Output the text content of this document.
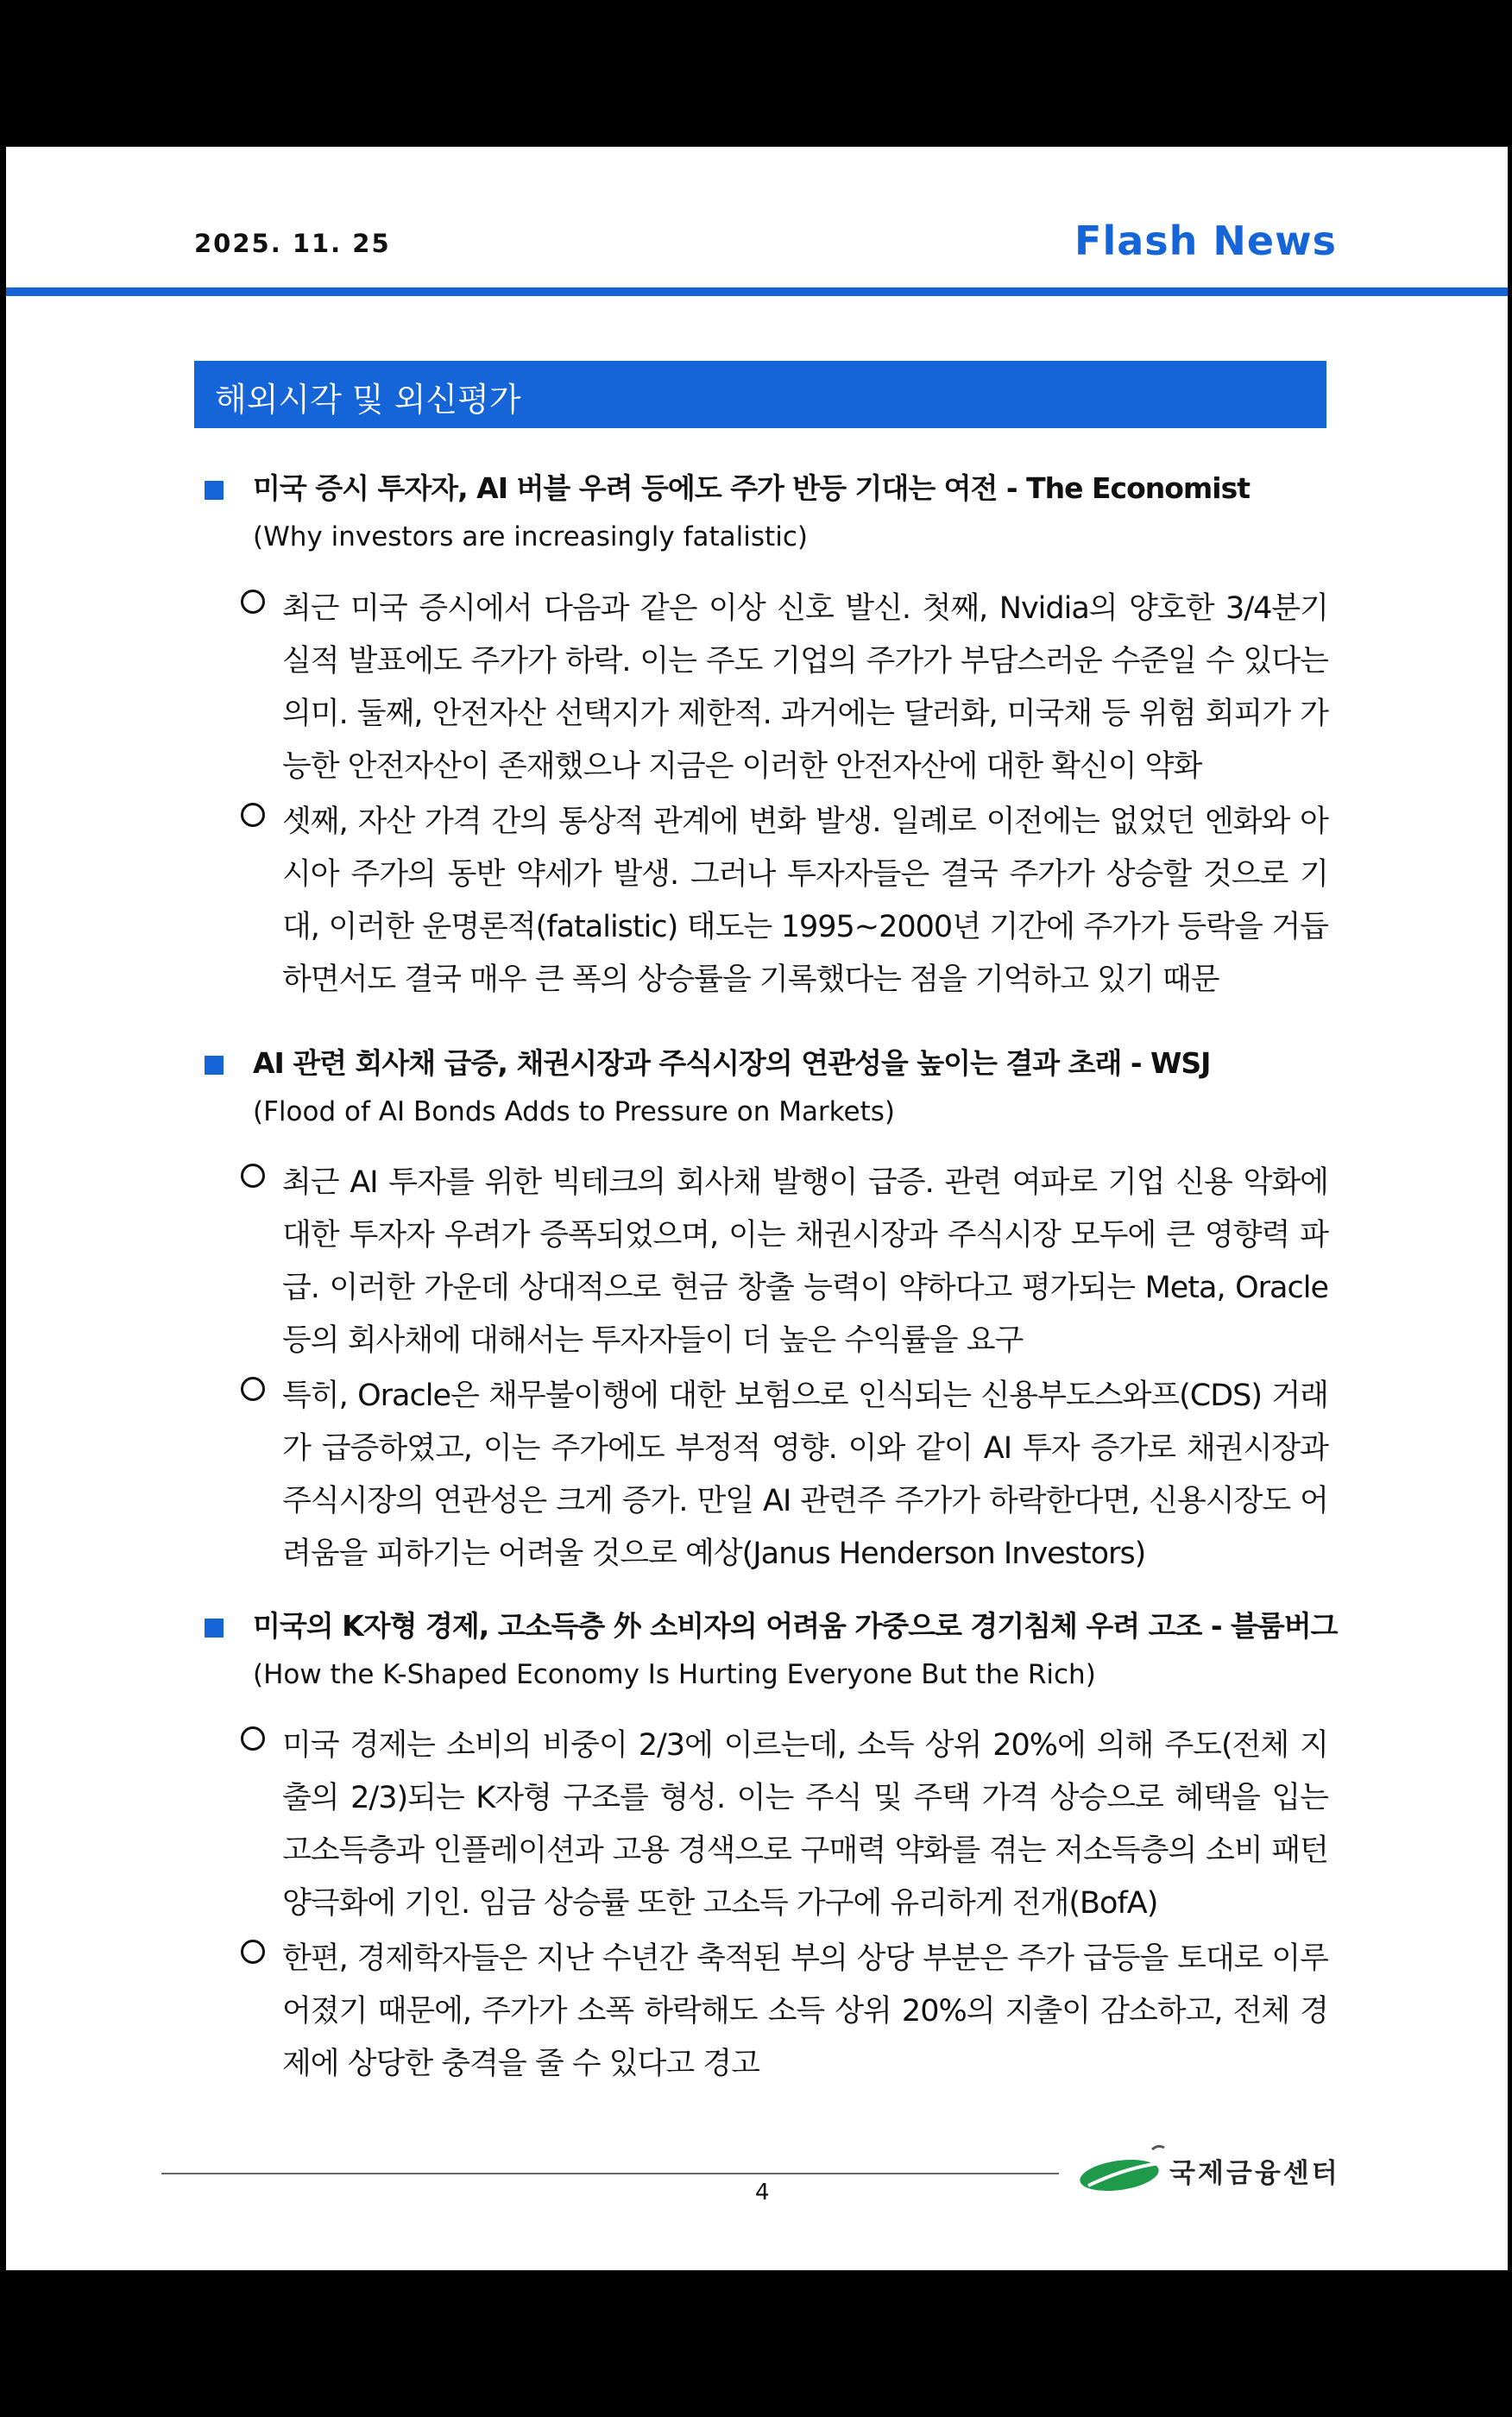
2025. 11. 25	Flash News
해외시각 및 외신평가
미국 증시 투자자, AI 버블 우려 등에도 주가 반등 기대는 여전 - The Economist
(Why investors are increasingly fatalistic)
최근 미국 증시에서 다음과 같은 이상 신호 발신. 첫째, Nvidia의 양호한 3/4분기 실적 발표에도 주가가 하락. 이는 주도 기업의 주가가 부담스러운 수준일 수 있다는 의미. 둘째, 안전자산 선택지가 제한적. 과거에는 달러화, 미국채 등 위험 회피가 가능한 안전자산이 존재했으나 지금은 이러한 안전자산에 대한 확신이 약화
셋째, 자산 가격 간의 통상적 관계에 변화 발생. 일례로 이전에는 없었던 엔화와 아시아 주가의 동반 약세가 발생. 그러나 투자자들은 결국 주가가 상승할 것으로 기대, 이러한 운명론적(fatalistic) 태도는 1995~2000년 기간에 주가가 등락을 거듭하면서도 결국 매우 큰 폭의 상승률을 기록했다는 점을 기억하고 있기 때문
AI 관련 회사채 급증, 채권시장과 주식시장의 연관성을 높이는 결과 초래 - WSJ
(Flood of AI Bonds Adds to Pressure on Markets)
최근 AI 투자를 위한 빅테크의 회사채 발행이 급증. 관련 여파로 기업 신용 악화에 대한 투자자 우려가 증폭되었으며, 이는 채권시장과 주식시장 모두에 큰 영향력 파급. 이러한 가운데 상대적으로 현금 창출 능력이 약하다고 평가되는 Meta, Oracle 등의 회사채에 대해서는 투자자들이 더 높은 수익률을 요구
특히, Oracle은 채무불이행에 대한 보험으로 인식되는 신용부도스와프(CDS) 거래가 급증하였고, 이는 주가에도 부정적 영향. 이와 같이 AI 투자 증가로 채권시장과 주식시장의 연관성은 크게 증가. 만일 AI 관련주 주가가 하락한다면, 신용시장도 어려움을 피하기는 어려울 것으로 예상(Janus Henderson Investors)
미국의 K자형 경제, 고소득층 外 소비자의 어려움 가중으로 경기침체 우려 고조 - 블룸버그
(How the K-Shaped Economy Is Hurting Everyone But the Rich)
미국 경제는 소비의 비중이 2/3에 이르는데, 소득 상위 20%에 의해 주도(전체 지출의 2/3)되는 K자형 구조를 형성. 이는 주식 및 주택 가격 상승으로 혜택을 입는 고소득층과 인플레이션과 고용 경색으로 구매력 약화를 겪는 저소득층의 소비 패턴 양극화에 기인. 임금 상승률 또한 고소득 가구에 유리하게 전개(BofA)
한편, 경제학자들은 지난 수년간 축적된 부의 상당 부분은 주가 급등을 토대로 이루어졌기 때문에, 주가가 소폭 하락해도 소득 상위 20%의 지출이 감소하고, 전체 경제에 상당한 충격을 줄 수 있다고 경고
4
국제금융센터
